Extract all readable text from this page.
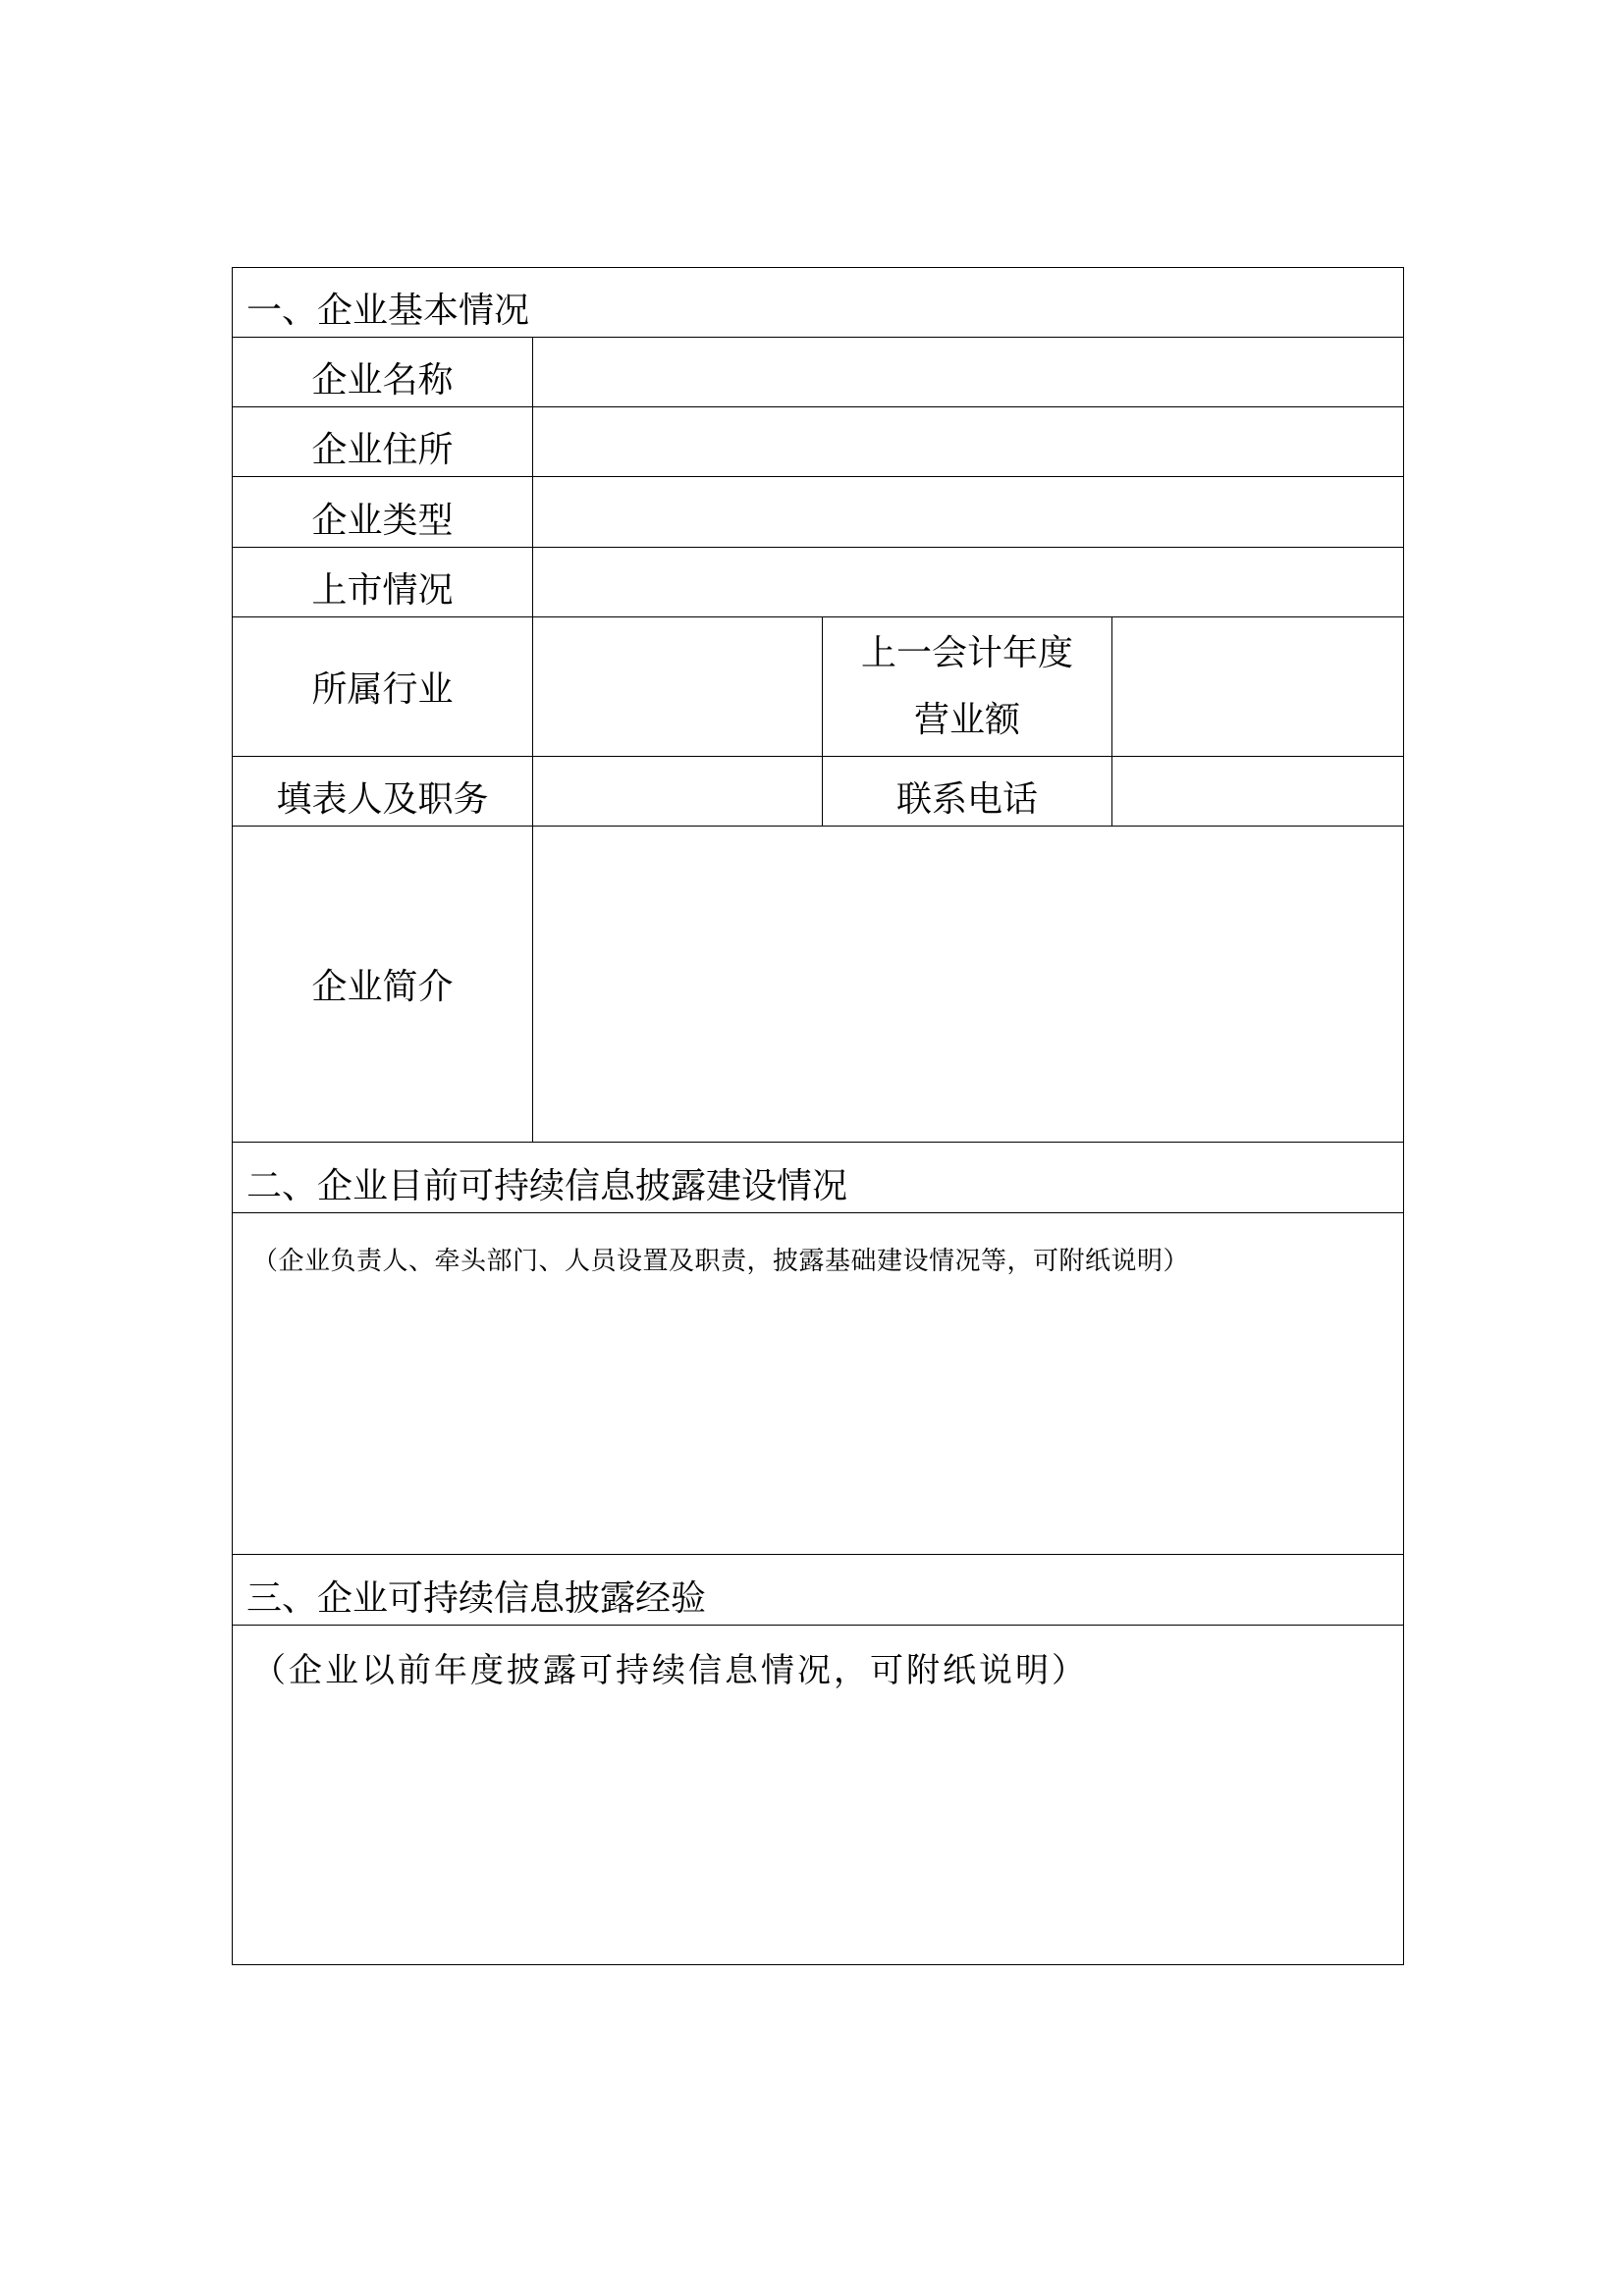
一、企业基本情况			
企业名称			
企业住所			
企业类型			
上市情况			
所属行业		上一会计年度
营业额	

填表人及职务		联系电话	
企业简介			
二、企业目前可持续信息披露建设情况			
（企业负责人、牵头部门、人员设置及职责，披露基础建设情况等，可附纸说明）			
三、企业可持续信息披露经验			
（企业以前年度披露可持续信息情况，可附纸说明）			
